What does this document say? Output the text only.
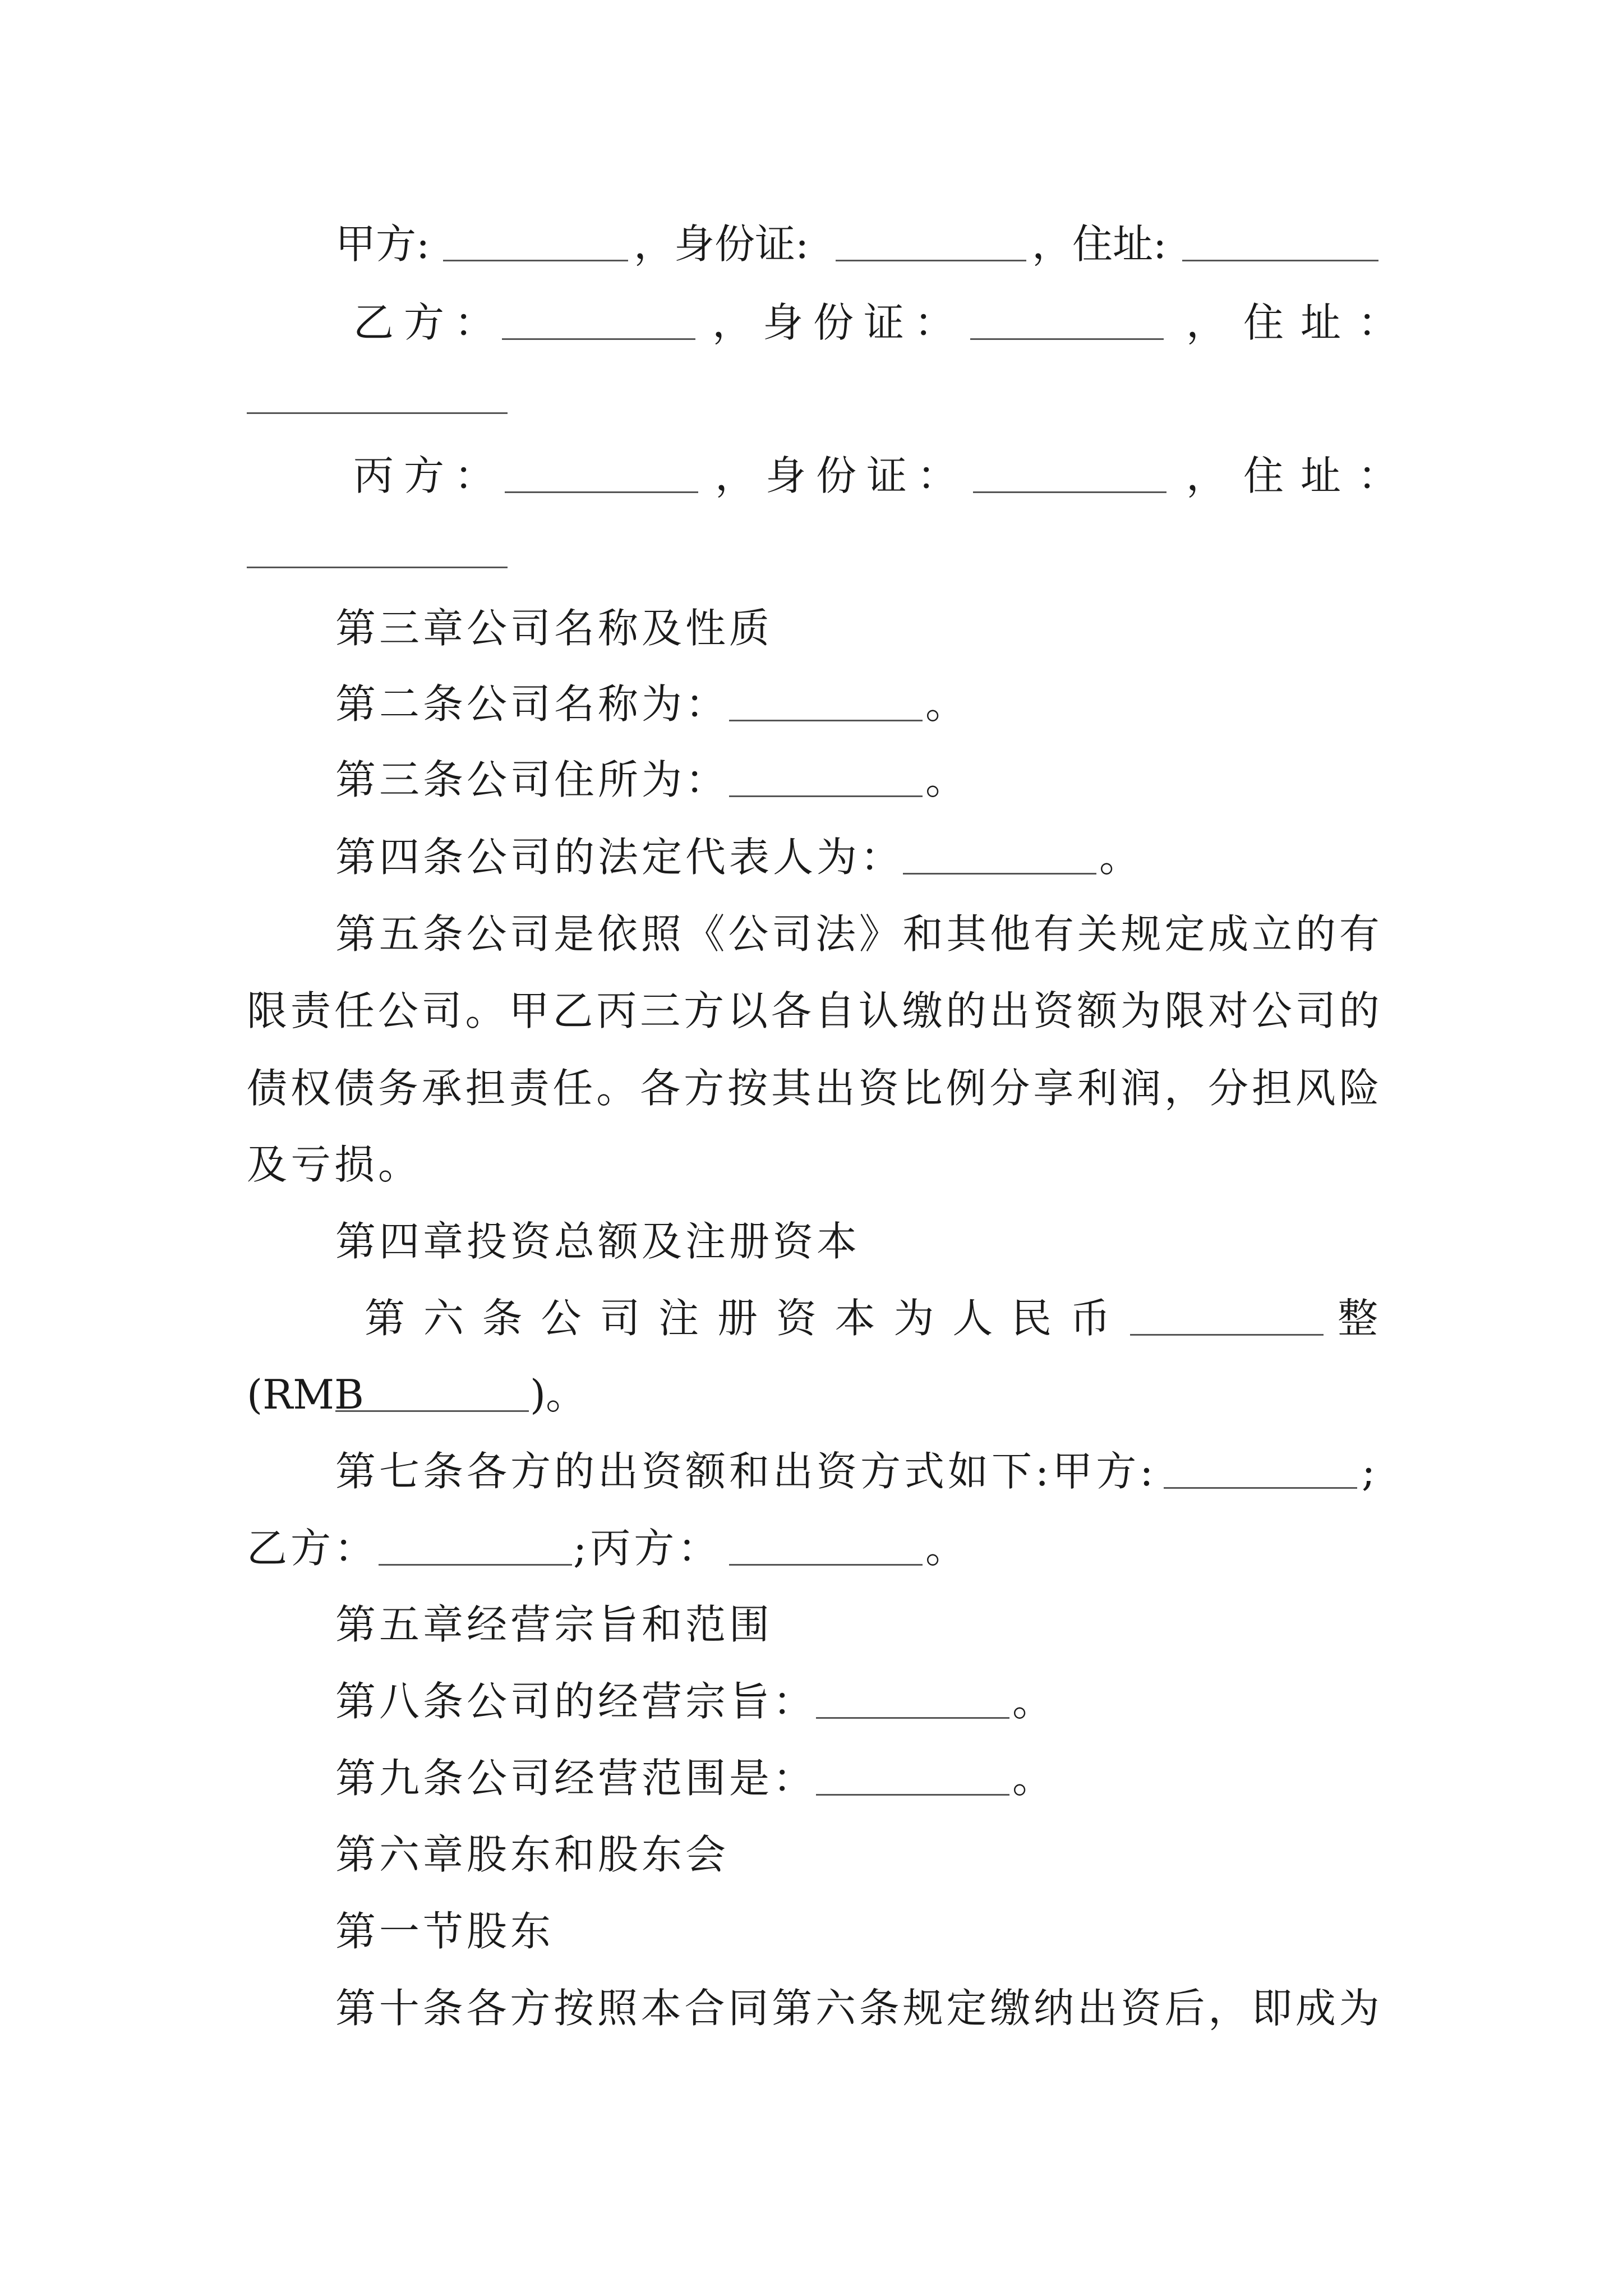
甲方:	，身份证:	，住址:
乙方：	，身份证：	，住址：
丙方：	，身份证：	，住址：
第三章公司名称及性质
第二条公司名称为：	。
第三条公司住所为：	。
第四条公司的法定代表人为：	。
第 五 条 公 司 是 依 照 《 公 司 法 》 和 其 他 有 关 规 定 成 立 的 有
限 责 任 公 司 。 甲 乙 丙 三 方 以 各 自 认 缴 的 出 资 额 为 限 对 公 司 的
债 权 债 务 承 担 责 任 。 各 方 按 其 出 资 比 例 分 享 利 润 ， 分 担 风 险
及亏损。
第四章投资总额及注册资本
第 六 条 公 司 注 册 资 本 为 人 民 币	整
(RMB	)。
第七条各方的出资额和出资方式如下:甲方:	;
乙方：	;丙方：	。
第五章经营宗旨和范围
第八条公司的经营宗旨：	。
第九条公司经营范围是：	。
第六章股东和股东会
第一节股东
第 十 条 各 方 按 照 本 合 同 第 六 条 规 定 缴 纳 出 资 后 ， 即 成 为
